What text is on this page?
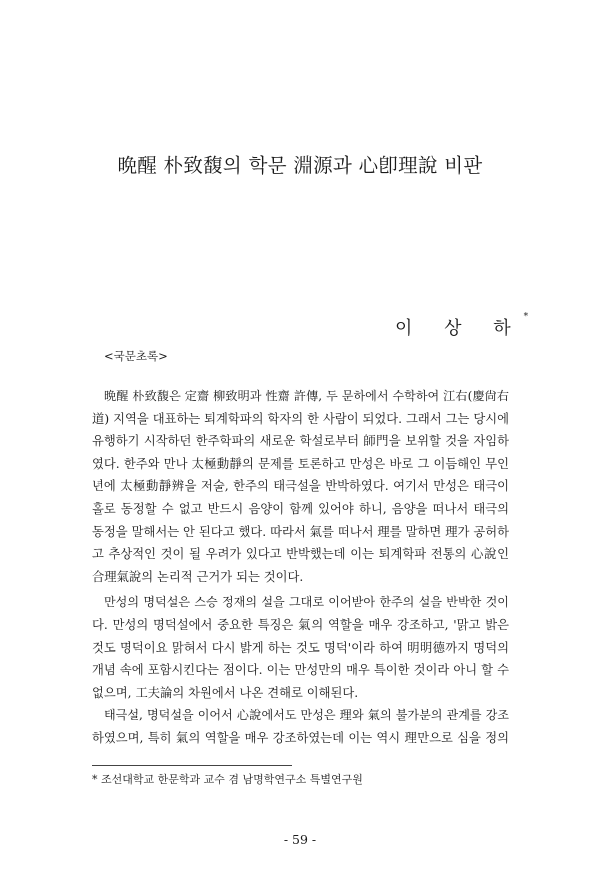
晩醒 朴致馥의 학문 淵源과 心卽理說 비판
이 상 하*
<국문초록>
晩醒 朴致馥은 定齋 柳致明과 性齋 許傳, 두 문하에서 수학하여 江右(慶尙右
道) 지역을 대표하는 퇴계학파의 학자의 한 사람이 되었다. 그래서 그는 당시에
유행하기 시작하던 한주학파의 새로운 학설로부터 師門을 보위할 것을 자임하
였다. 한주와 만나 太極動靜의 문제를 토론하고 만성은 바로 그 이듬해인 무인
년에 太極動靜辨을 저술, 한주의 태극설을 반박하였다. 여기서 만성은 태극이
홀로 동정할 수 없고 반드시 음양이 함께 있어야 하니, 음양을 떠나서 태극의
동정을 말해서는 안 된다고 했다. 따라서 氣를 떠나서 理를 말하면 理가 공허하
고 추상적인 것이 될 우려가 있다고 반박했는데 이는 퇴계학파 전통의 心說인
合理氣說의 논리적 근거가 되는 것이다.
만성의 명덕설은 스승 정재의 설을 그대로 이어받아 한주의 설을 반박한 것이
다. 만성의 명덕설에서 중요한 특징은 氣의 역할을 매우 강조하고, '맑고 밝은
것도 명덕이요 맑혀서 다시 밝게 하는 것도 명덕'이라 하여 明明德까지 명덕의
개념 속에 포함시킨다는 점이다. 이는 만성만의 매우 특이한 것이라 아니 할 수
없으며, 工夫論의 차원에서 나온 견해로 이해된다.
태극설, 명덕설을 이어서 心說에서도 만성은 理와 氣의 불가분의 관계를 강조
하였으며, 특히 氣의 역할을 매우 강조하였는데 이는 역시 理만으로 심을 정의
* 조선대학교 한문학과 교수 겸 남명학연구소 특별연구원
- 59 -
